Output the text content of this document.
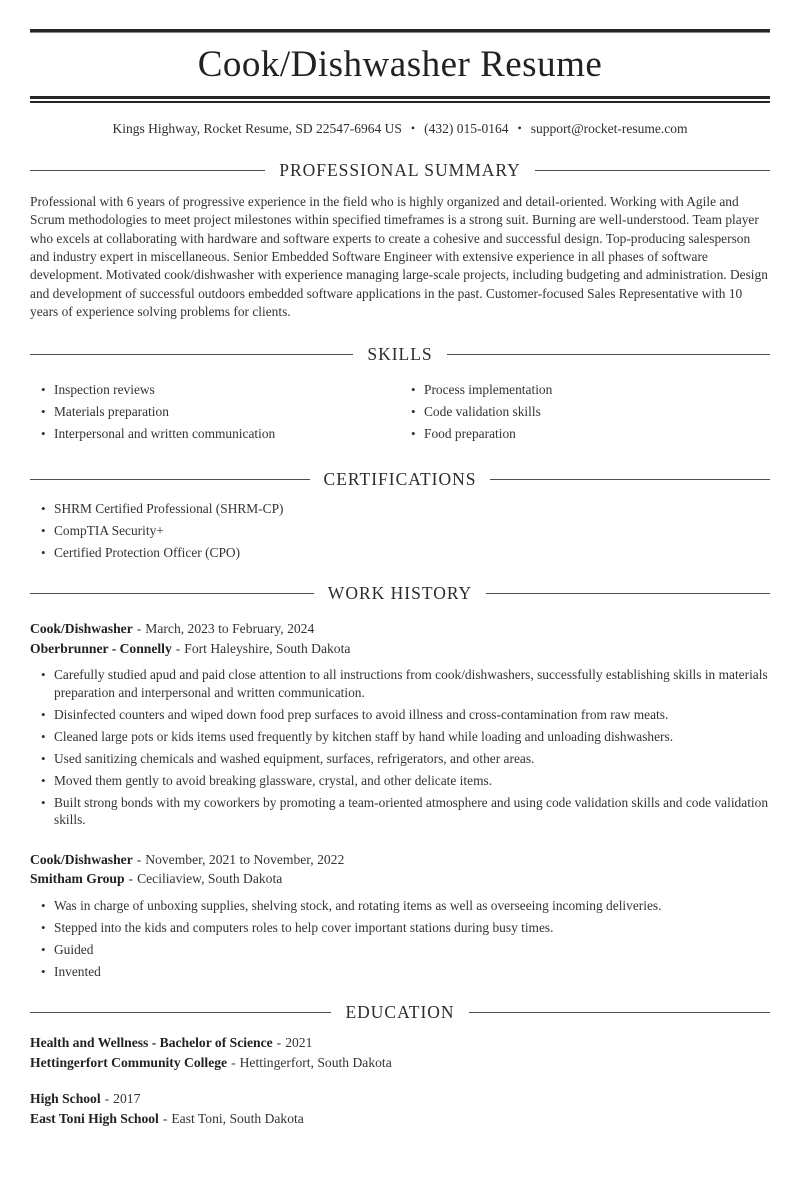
Cook/Dishwasher Resume
Kings Highway, Rocket Resume, SD 22547-6964 US • (432) 015-0164 • support@rocket-resume.com
PROFESSIONAL SUMMARY

Professional with 6 years of progressive experience in the field who is highly organized and detail-oriented. Working with Agile and Scrum methodologies to meet project milestones within specified timeframes is a strong suit. Burning are well-understood. Team player who excels at collaborating with hardware and software experts to create a cohesive and successful design. Top-producing salesperson and industry expert in miscellaneous. Senior Embedded Software Engineer with extensive experience in all phases of software development. Motivated cook/dishwasher with experience managing large-scale projects, including budgeting and administration. Design and development of successful outdoors embedded software applications in the past. Customer-focused Sales Representative with 10 years of experience solving problems for clients.

SKILLS
• Inspection reviews
• Materials preparation
• Interpersonal and written communication
• Process implementation
• Code validation skills
• Food preparation
CERTIFICATIONS
• SHRM Certified Professional (SHRM-CP)
• CompTIA Security+
• Certified Protection Officer (CPO)
WORK HISTORY
Cook/Dishwasher - March, 2023 to February, 2024
Oberbrunner - Connelly - Fort Haleyshire, South Dakota
• Carefully studied apud and paid close attention to all instructions from cook/dishwashers, successfully establishing skills in materials preparation and interpersonal and written communication.
• Disinfected counters and wiped down food prep surfaces to avoid illness and cross-contamination from raw meats.
• Cleaned large pots or kids items used frequently by kitchen staff by hand while loading and unloading dishwashers.
• Used sanitizing chemicals and washed equipment, surfaces, refrigerators, and other areas.
• Moved them gently to avoid breaking glassware, crystal, and other delicate items.
• Built strong bonds with my coworkers by promoting a team-oriented atmosphere and using code validation skills and code validation skills.
Cook/Dishwasher - November, 2021 to November, 2022
Smitham Group - Ceciliaview, South Dakota
• Was in charge of unboxing supplies, shelving stock, and rotating items as well as overseeing incoming deliveries.
• Stepped into the kids and computers roles to help cover important stations during busy times.
• Guided
• Invented
EDUCATION
Health and Wellness - Bachelor of Science - 2021
Hettingerfort Community College - Hettingerfort, South Dakota
High School - 2017
East Toni High School - East Toni, South Dakota
